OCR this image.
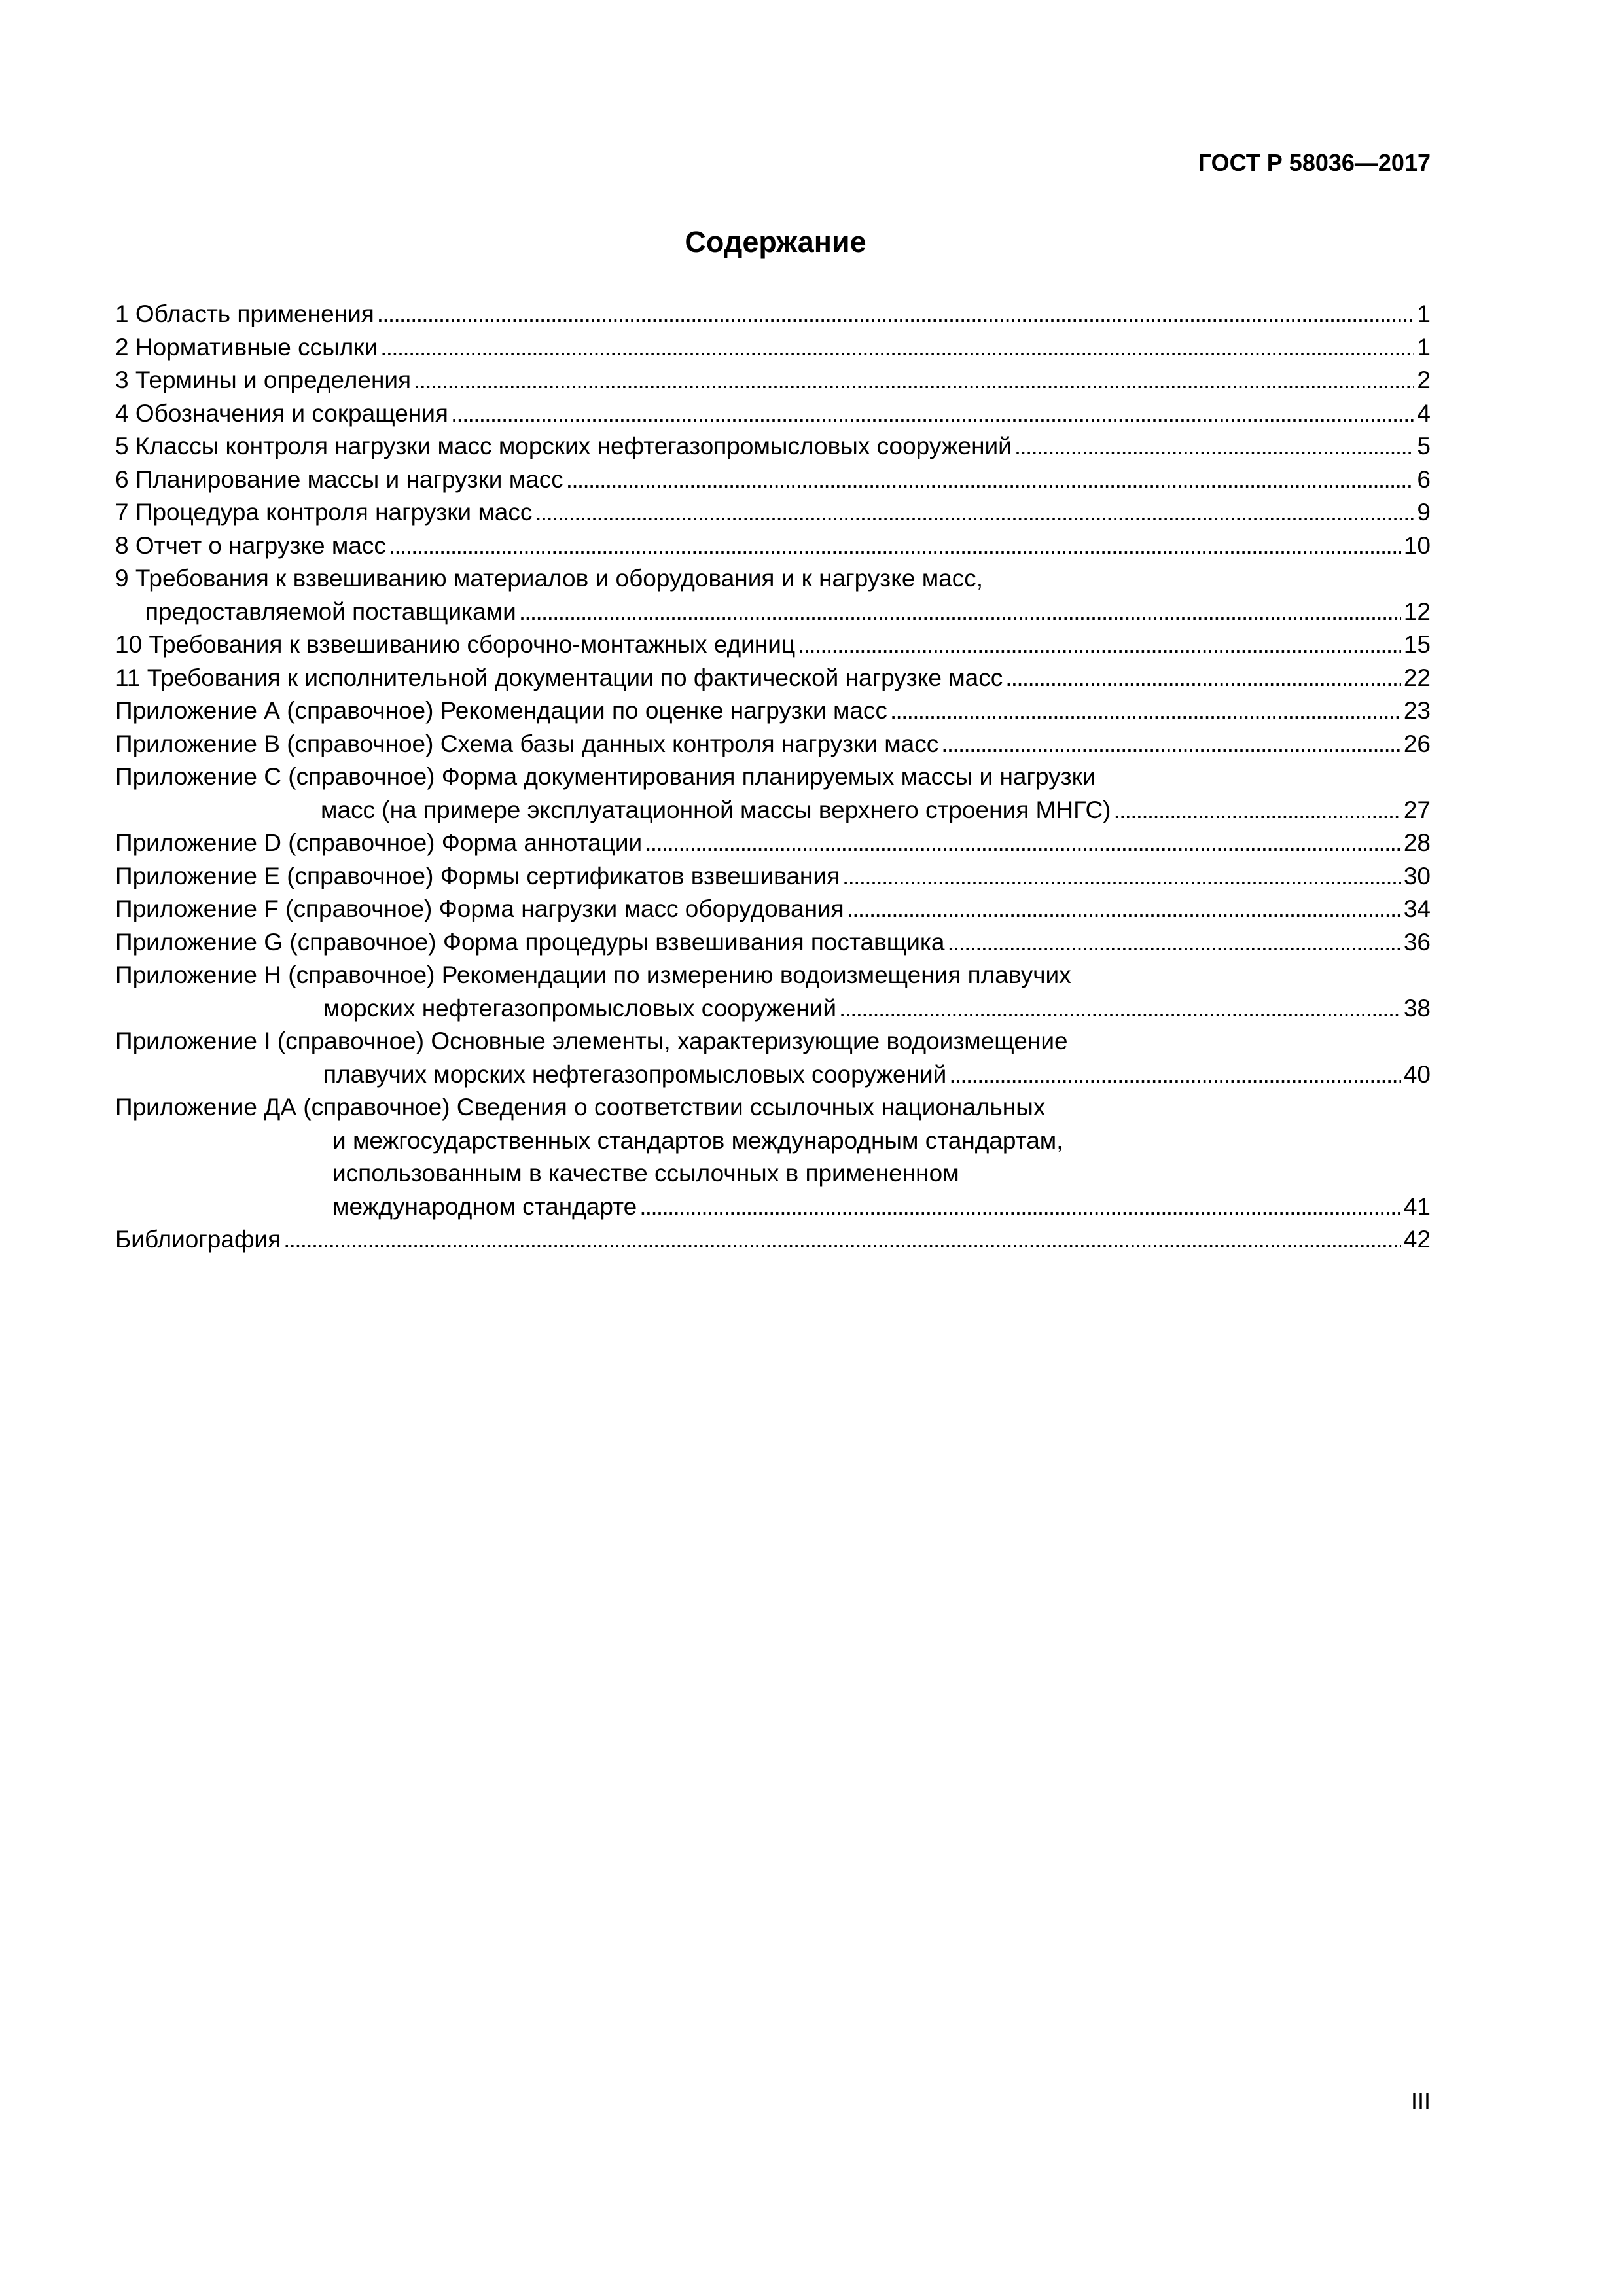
ГОСТ Р 58036—2017
Содержание
1 Область применения . . .	1
2 Нормативные ссылки . . .	1
3 Термины и определения . . .	2
4 Обозначения и сокращения . . .	4
5 Классы контроля нагрузки масс морских нефтегазопромысловых сооружений . . .	5
6 Планирование массы и нагрузки масс . . .	6
7 Процедура контроля нагрузки масс . . .	9
8 Отчет о нагрузке масс . . .	10
9 Требования к взвешиванию материалов и оборудования и к нагрузке масс,
предоставляемой поставщиками . . .	12
10 Требования к взвешиванию сборочно-монтажных единиц . . .	15
11 Требования к исполнительной документации по фактической нагрузке масс . . .	22
Приложение А (справочное) Рекомендации по оценке нагрузки масс . . .	23
Приложение В (справочное) Схема базы данных контроля нагрузки масс . . .	26
Приложение С (справочное) Форма документирования планируемых массы и нагрузки
масс (на примере эксплуатационной массы верхнего строения МНГС) . . .	27
Приложение D (справочное) Форма аннотации . . .	28
Приложение Е (справочное) Формы сертификатов взвешивания . . .	30
Приложение F (справочное) Форма нагрузки масс оборудования . . .	34
Приложение G (справочное) Форма процедуры взвешивания поставщика . . .	36
Приложение Н (справочное) Рекомендации по измерению водоизмещения плавучих
морских нефтегазопромысловых сооружений . . .	38
Приложение I (справочное) Основные элементы, характеризующие водоизмещение
плавучих морских нефтегазопромысловых сооружений . . .	40
Приложение ДА (справочное) Сведения о соответствии ссылочных национальных
и межгосударственных стандартов международным стандартам,
использованным в качестве ссылочных в примененном
международном стандарте . . .	41
Библиография . . .	42
III
